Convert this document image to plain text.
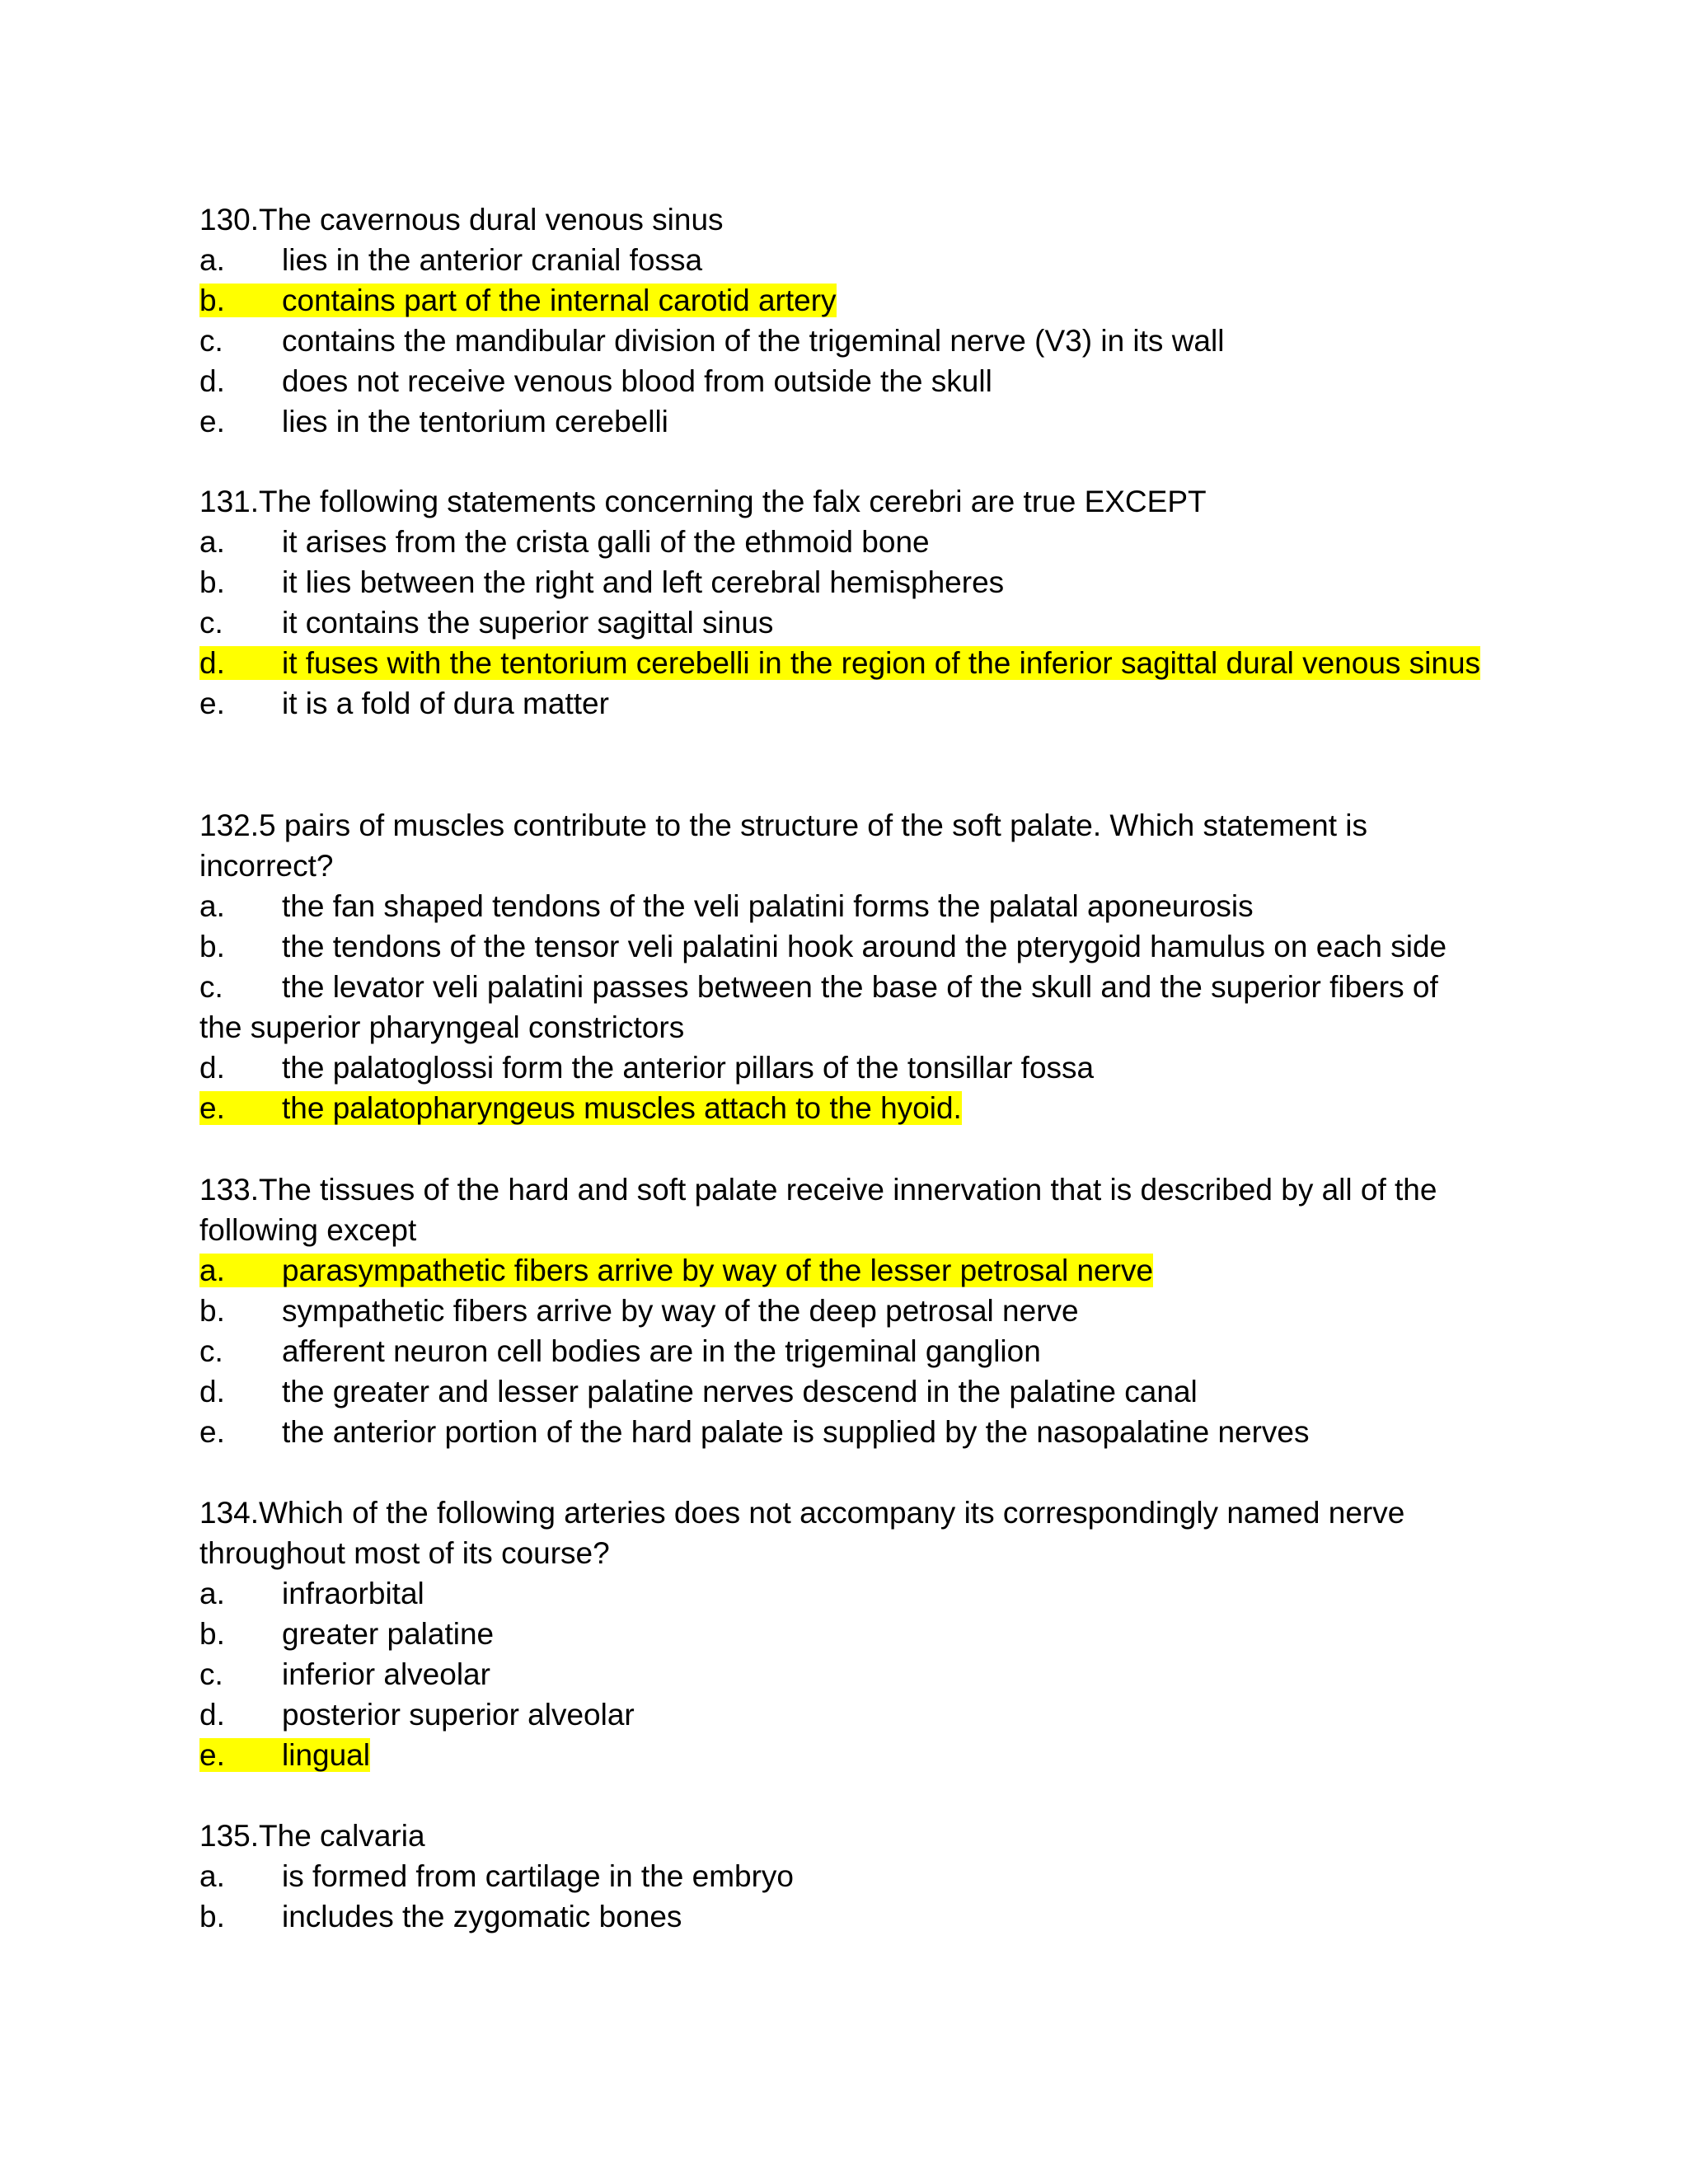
130.The cavernous dural venous sinus

a. lies in the anterior cranial fossa
b. contains part of the internal carotid artery
c. contains the mandibular division of the trigeminal nerve (V3) in its wall
d. does not receive venous blood from outside the skull
e. lies in the tentorium cerebelli

131.The following statements concerning the falx cerebri are true EXCEPT

a. it arises from the crista galli of the ethmoid bone
b. it lies between the right and left cerebral hemispheres
c. it contains the superior sagittal sinus
d. it fuses with the tentorium cerebelli in the region of the inferior sagittal dural venous sinus
e. it is a fold of dura matter

132.5 pairs of muscles contribute to the structure of the soft palate. Which statement is incorrect?

a. the fan shaped tendons of the veli palatini forms the palatal aponeurosis
b. the tendons of the tensor veli palatini hook around the pterygoid hamulus on each side
c. the levator veli palatini passes between the base of the skull and the superior fibers of the superior pharyngeal constrictors
d. the palatoglossi form the anterior pillars of the tonsillar fossa
e. the palatopharyngeus muscles attach to the hyoid.

133.The tissues of the hard and soft palate receive innervation that is described by all of the following except

a. parasympathetic fibers arrive by way of the lesser petrosal nerve
b. sympathetic fibers arrive by way of the deep petrosal nerve
c. afferent neuron cell bodies are in the trigeminal ganglion
d. the greater and lesser palatine nerves descend in the palatine canal
e. the anterior portion of the hard palate is supplied by the nasopalatine nerves

134.Which of the following arteries does not accompany its correspondingly named nerve throughout most of its course?

a. infraorbital
b. greater palatine
c. inferior alveolar
d. posterior superior alveolar
e. lingual

135.The calvaria

a. is formed from cartilage in the embryo
b. includes the zygomatic bones
